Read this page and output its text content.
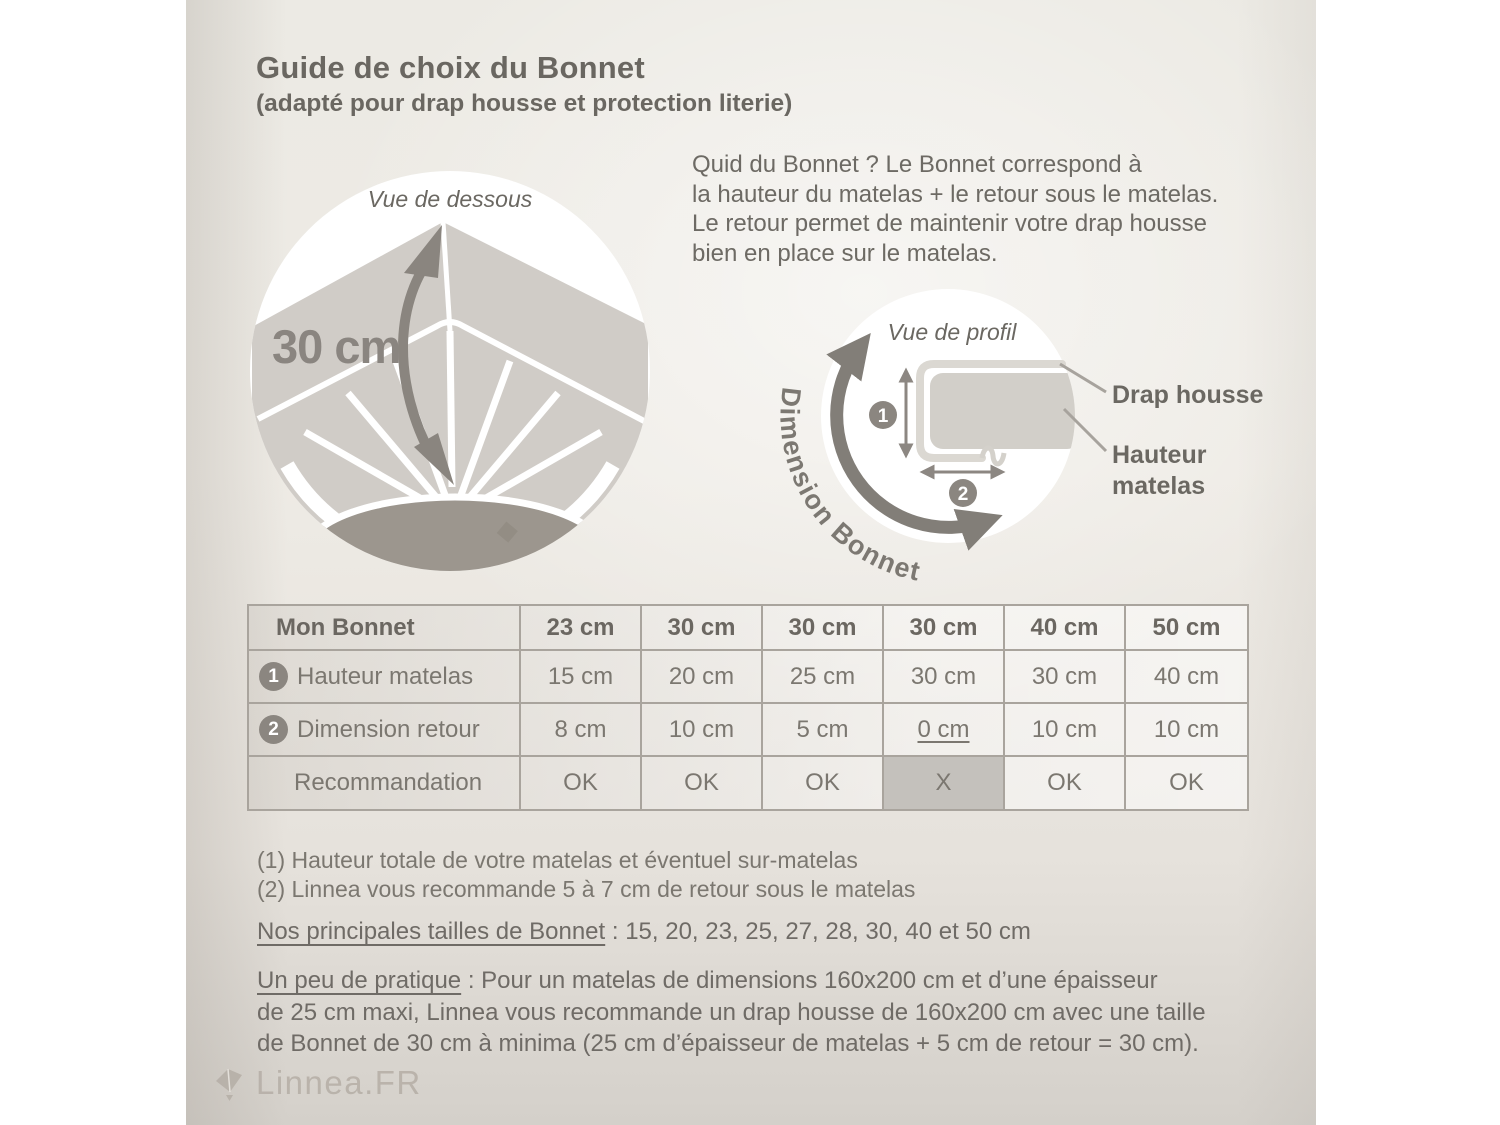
Guide de choix du Bonnet
(adapté pour drap housse et protection literie)
Quid du Bonnet ? Le Bonnet correspond à
la hauteur du matelas + le retour sous le matelas.
Le retour permet de maintenir votre drap housse
bien en place sur le matelas.
30 cm
Vue de dessous
1
2
Dimension Bonnet
Vue de profil
Drap housse
Hauteur
matelas
Mon Bonnet	23 cm	30 cm	30 cm	30 cm	40 cm	50 cm
1 Hauteur matelas	15 cm	20 cm	25 cm	30 cm	30 cm	40 cm
2 Dimension retour	8 cm	10 cm	5 cm	0 cm	10 cm	10 cm
Recommandation	OK	OK	OK	X	OK	OK
(1) Hauteur totale de votre matelas et éventuel sur-matelas
(2) Linnea vous recommande 5 à 7 cm de retour sous le matelas
Nos principales tailles de Bonnet : 15, 20, 23, 25, 27, 28, 30, 40 et 50 cm
Un peu de pratique : Pour un matelas de dimensions 160x200 cm et d’une épaisseur
de 25 cm maxi, Linnea vous recommande un drap housse de 160x200 cm avec une taille
de Bonnet de 30 cm à minima (25 cm d’épaisseur de matelas + 5 cm de retour = 30 cm).
Linnea.FR
